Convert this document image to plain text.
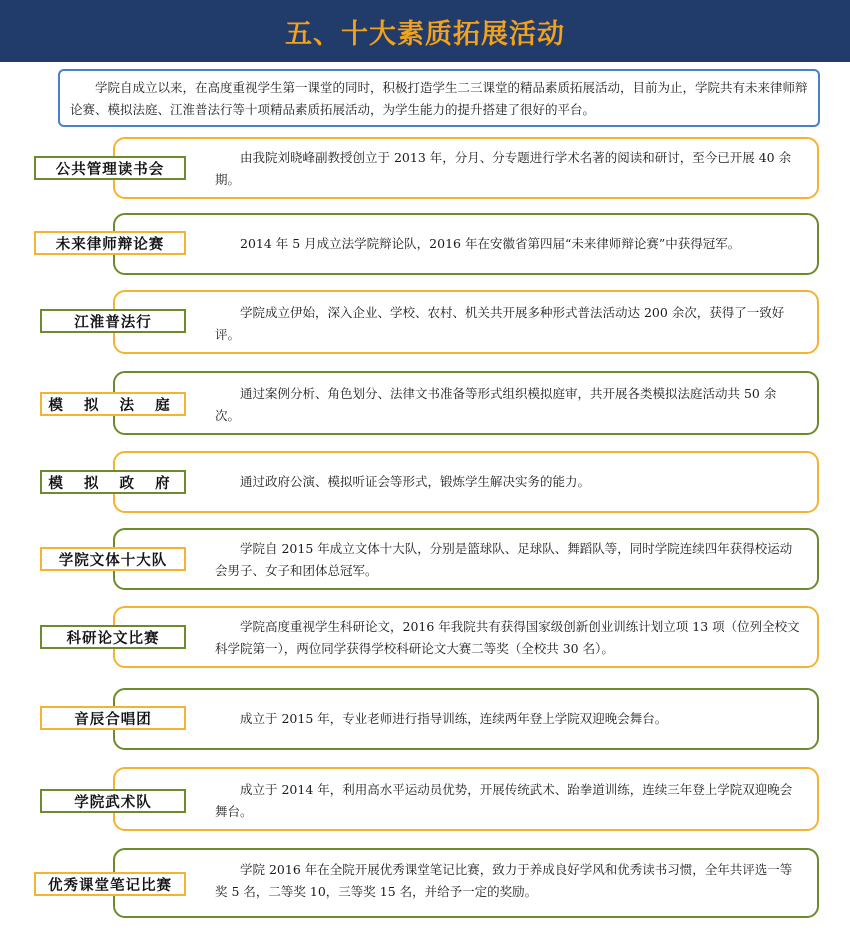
五、十大素质拓展活动
学院自成立以来，在高度重视学生第一课堂的同时，积极打造学生二三课堂的精品素质拓展活动，目前为止，学院共有未来律师辩论赛、模拟法庭、江淮普法行等十项精品素质拓展活动，为学生能力的提升搭建了很好的平台。
由我院刘晓峰副教授创立于 2013 年，分月、分专题进行学术名著的阅读和研讨，至今已开展 40 余期。
公共管理读书会
2014 年 5 月成立法学院辩论队，2016 年在安徽省第四届“未来律师辩论赛”中获得冠军。
未来律师辩论赛
学院成立伊始，深入企业、学校、农村、机关共开展多种形式普法活动达 200 余次，获得了一致好评。
江淮普法行
通过案例分析、角色划分、法律文书准备等形式组织模拟庭审，共开展各类模拟法庭活动共 50 余次。
模 拟 法 庭
通过政府公演、模拟听证会等形式，锻炼学生解决实务的能力。
模 拟 政 府
学院自 2015 年成立文体十大队，分别是篮球队、足球队、舞蹈队等，同时学院连续四年获得校运动会男子、女子和团体总冠军。
学院文体十大队
学院高度重视学生科研论文，2016 年我院共有获得国家级创新创业训练计划立项 13 项（位列全校文科学院第一），两位同学获得学校科研论文大赛二等奖（全校共 30 名）。
科研论文比赛
成立于 2015 年，专业老师进行指导训练，连续两年登上学院双迎晚会舞台。
音辰合唱团
成立于 2014 年，利用高水平运动员优势，开展传统武术、跆拳道训练，连续三年登上学院双迎晚会舞台。
学院武术队
学院 2016 年在全院开展优秀课堂笔记比赛，致力于养成良好学风和优秀读书习惯，全年共评选一等奖 5 名，二等奖 10，三等奖 15 名，并给予一定的奖励。
优秀课堂笔记比赛
